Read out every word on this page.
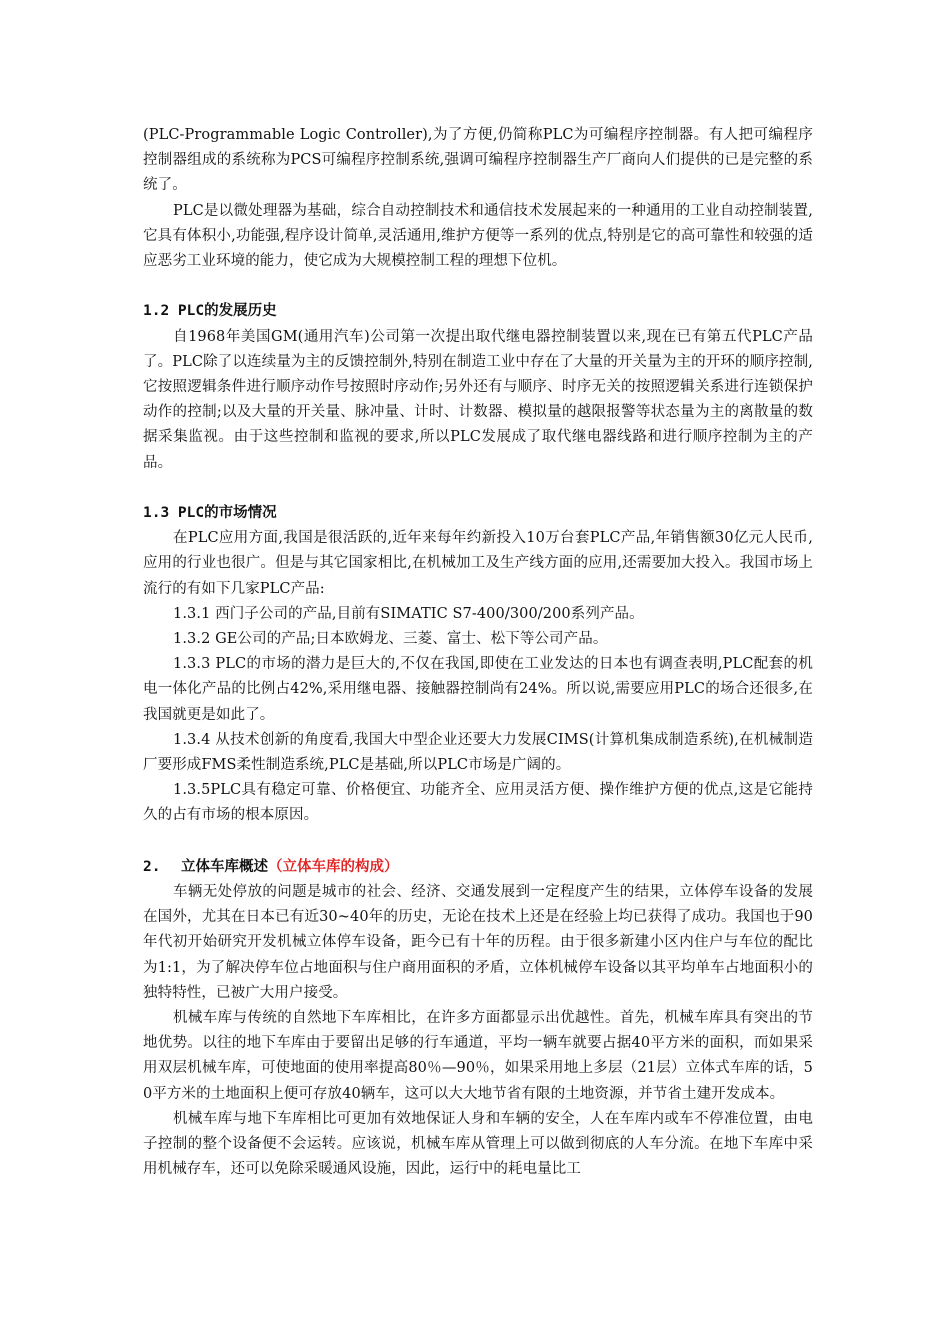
(PLC-Programmable Logic Controller),为了方便,仍简称PLC为可编程序控制器。有人把可编程序控制器组成的系统称为PCS可编程序控制系统,强调可编程序控制器生产厂商向人们提供的已是完整的系统了。

PLC是以微处理器为基础，综合自动控制技术和通信技术发展起来的一种通用的工业自动控制装置,它具有体积小,功能强,程序设计简单,灵活通用,维护方便等一系列的优点,特别是它的高可靠性和较强的适应恶劣工业环境的能力，使它成为大规模控制工程的理想下位机。

1.2 PLC的发展历史

自1968年美国GM(通用汽车)公司第一次提出取代继电器控制装置以来,现在已有第五代PLC产品了。PLC除了以连续量为主的反馈控制外,特别在制造工业中存在了大量的开关量为主的开环的顺序控制,它按照逻辑条件进行顺序动作号按照时序动作;另外还有与顺序、时序无关的按照逻辑关系进行连锁保护动作的控制;以及大量的开关量、脉冲量、计时、计数器、模拟量的越限报警等状态量为主的离散量的数据采集监视。由于这些控制和监视的要求,所以PLC发展成了取代继电器线路和进行顺序控制为主的产品。

1.3 PLC的市场情况

在PLC应用方面,我国是很活跃的,近年来每年约新投入10万台套PLC产品,年销售额30亿元人民币,应用的行业也很广。但是与其它国家相比,在机械加工及生产线方面的应用,还需要加大投入。我国市场上流行的有如下几家PLC产品:

1.3.1 西门子公司的产品,目前有SIMATIC S7-400/300/200系列产品。

1.3.2 GE公司的产品;日本欧姆龙、三菱、富士、松下等公司产品。

1.3.3 PLC的市场的潜力是巨大的,不仅在我国,即使在工业发达的日本也有调查表明,PLC配套的机电一体化产品的比例占42%,采用继电器、接触器控制尚有24%。所以说,需要应用PLC的场合还很多,在我国就更是如此了。

1.3.4 从技术创新的角度看,我国大中型企业还要大力发展CIMS(计算机集成制造系统),在机械制造厂要形成FMS柔性制造系统,PLC是基础,所以PLC市场是广阔的。

1.3.5PLC具有稳定可靠、价格便宜、功能齐全、应用灵活方便、操作维护方便的优点,这是它能持久的占有市场的根本原因。

2. 立体车库概述（立体车库的构成）

车辆无处停放的问题是城市的社会、经济、交通发展到一定程度产生的结果，立体停车设备的发展在国外，尤其在日本已有近30~40年的历史，无论在技术上还是在经验上均已获得了成功。我国也于90年代初开始研究开发机械立体停车设备，距今已有十年的历程。由于很多新建小区内住户与车位的配比为1:1，为了解决停车位占地面积与住户商用面积的矛盾，立体机械停车设备以其平均单车占地面积小的独特特性，已被广大用户接受。

机械车库与传统的自然地下车库相比，在许多方面都显示出优越性。首先，机械车库具有突出的节地优势。以往的地下车库由于要留出足够的行车通道，平均一辆车就要占据40平方米的面积，而如果采用双层机械车库，可使地面的使用率提高80％—90％，如果采用地上多层（21层）立体式车库的话，50平方米的土地面积上便可存放40辆车，这可以大大地节省有限的土地资源，并节省土建开发成本。

机械车库与地下车库相比可更加有效地保证人身和车辆的安全，人在车库内或车不停准位置，由电子控制的整个设备便不会运转。应该说，机械车库从管理上可以做到彻底的人车分流。在地下车库中采用机械存车，还可以免除采暖通风设施，因此，运行中的耗电量比工
